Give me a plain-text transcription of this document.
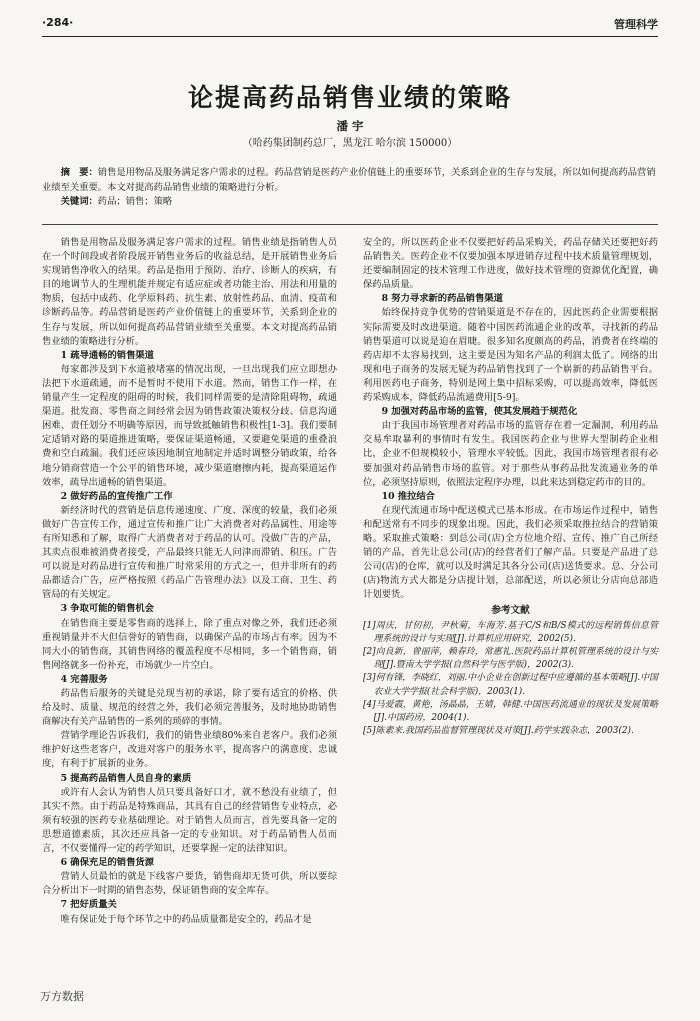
·284·	管理科学
论提高药品销售业绩的策略
潘 宇
（哈药集团制药总厂，黑龙江 哈尔滨 150000）
摘　要：销售是用物品及服务满足客户需求的过程。药品营销是医药产业价值链上的重要环节，关系到企业的生存与发展，所以如何提高药品营销业绩至关重要。本文对提高药品销售业绩的策略进行分析。
关键词：药品；销售；策略

销售是用物品及服务满足客户需求的过程。销售业绩是指销售人员在一个时间段或者阶段展开销售业务后的收益总结，是开展销售业务后实现销售净收入的结果。药品是指用于预防、治疗、诊断人的疾病，有目的地调节人的生理机能并规定有适应症或者功能主治、用法和用量的物质，包括中成药、化学原料药、抗生素、放射性药品、血清、疫苗和诊断药品等。药品营销是医药产业价值链上的重要环节，关系到企业的生存与发展，所以如何提高药品营销业绩至关重要。本文对提高药品销售业绩的策略进行分析。

1 疏导通畅的销售渠道

每家都涉及到下水道被堵塞的情况出现，一旦出现我们应立即想办法把下水道疏通，而不是暂时不使用下水道。然而，销售工作一样，在销量产生一定程度的阻碍的时候，我们同样需要的是清除阻碍物，疏通渠道。批发商、零售商之间经常会因为销售政策决策权分歧、信息沟通困难、责任划分不明确等原因，而导致抵触销售积极性[1-3]。我们要制定适销对路的渠道推进策略，要保证渠道畅通，又要避免渠道的重叠浪费和空白疏漏。我们还应该因地制宜地制定并适时调整分销政策，给各地分销商营造一个公平的销售环境，减少渠道磨擦内耗，提高渠道运作效率，疏导出通畅的销售渠道。

2 做好药品的宣传推广工作

新经济时代的营销是信息传递速度、广度、深度的较量，我们必须做好广告宣传工作，通过宣传和推广让广大消费者对药品属性、用途等有所知悉和了解，取得广大消费者对于药品的认可。没做广告的产品，其卖点很难被消费者接受，产品最终只能无人问津而滞销、积压。广告可以说是对药品进行宣传和推广时常采用的方式之一，但并非所有的药品都适合广告，应严格按照《药品广告管理办法》以及工商、卫生、药管局的有关规定。

3 争取可能的销售机会

在销售商主要是零售商的选择上，除了重点对像之外，我们还必须重视销量并不大但信誉好的销售商，以确保产品的市场占有率。因为不同大小的销售商，其销售网络的覆盖程度不尽相同，多一个销售商，销售网络就多一份补充，市场就少一片空白。

4 完善服务

药品售后服务的关键是兑现当初的承诺，除了要有适宜的价格、供给及时、质量、规范的经营之外，我们必须完善服务，及时地协助销售商解决有关产品销售的一系列的琐碎的事情。

营销学理论告诉我们，我们的销售业绩80%来自老客户。我们必须维护好这些老客户，改进对客户的服务水平，提高客户的满意度、忠诚度，有利于扩展新的业务。

5 提高药品销售人员自身的素质

或许有人会认为销售人员只要具备好口才，就不愁没有业绩了，但其实不然。由于药品是特殊商品，其具有自己的经营销售专业特点，必须有较强的医药专业基础理论。对于销售人员而言，首先要具备一定的思想道德素质，其次还应具备一定的专业知识。对于药品销售人员而言，不仅要懂得一定的药学知识，还要掌握一定的法律知识。

6 确保充足的销售货源

营销人员最怕的就是下线客户要货，销售商却无货可供，所以要综合分析出下一时期的销售态势，保证销售商的安全库存。

7 把好质量关

唯有保证处于每个环节之中的药品质量都是安全的，药品才是

安全的，所以医药企业不仅要把好药品采购关，药品存储关还要把好药品销售关。医药企业不仅要加强本厚进销存过程中技术质量管理规划，还要编制固定的技术管理工作进度，做好技术管理的资源优化配置，确保药品质量。

8 努力寻求新的药品销售渠道

始终保持竞争优势的营销渠道是不存在的，因此医药企业需要根据实际需要及时改进渠道。随着中国医药流通企业的改革，寻找新的药品销售渠道可以说是迫在眉睫。很多知名度颇高的药品，消费者在终端的药店却不太容易找到，这主要是因为知名产品的利润太低了。网络的出现和电子商务的发展无疑为药品销售找到了一个崭新的药品销售平台。利用医药电子商务，特别是网上集中招标采购，可以提高效率，降低医药采购成本，降低药品流通费用[5-9]。

9 加强对药品市场的监管，使其发展趋于规范化

由于我国市场管理者对药品市场的监管存在着一定漏洞，利用药品交易牟取暴利的事情时有发生。我国医药企业与世界大型制药企业相比，企业不但规模较小，管理水平较低。因此，我国市场管理者很有必要加强对药品销售市场的监管。对于那些从事药品批发流通业务的单位，必须坚持原则，依照法定程序办理，以此来达到稳定药市的目的。

10 推拉结合

在现代流通市场中配送模式已基本形成。在市场运作过程中，销售和配送常有不同步的现象出现。因此，我们必须采取推拉结合的营销策略。采取推式策略：到总公司(店)全方位地介绍、宣传、推广自己所经销的产品，首先让总公司(店)的经营者们了解产品。只要是产品进了总公司(店)的仓库，就可以及时满足其各分公司(店)送货要求。总、分公司(店)物流方式大都是分店提计划，总部配送，所以必须让分店向总部造计划要货。

参考文献
[1]周庆，甘仞初，尹秋菊，车海芳.基于C/S和B/S模式的远程销售信息管理系统的设计与实现[J].计算机应用研究，2002(5).
[2]向良新，曾丽萍，赖春玲，常惠礼.医院药品计算机管理系统的设计与实现[J].暨南大学学报(自然科学与医学版)，2002(3).
[3]何有锋，李晓红，刘丽.中小企业在创新过程中应遵循的基本策略[J].中国农业大学学报(社会科学版)，2003(1).
[4]马爱霞，黄艳，汤晶晶，王婧，韩健.中国医药流通业的现状及发展策略[J].中国药房，2004(1).
[5]陈素来.我国药品监督管理现状及对策[J].药学实践杂志，2003(2).
万方数据
